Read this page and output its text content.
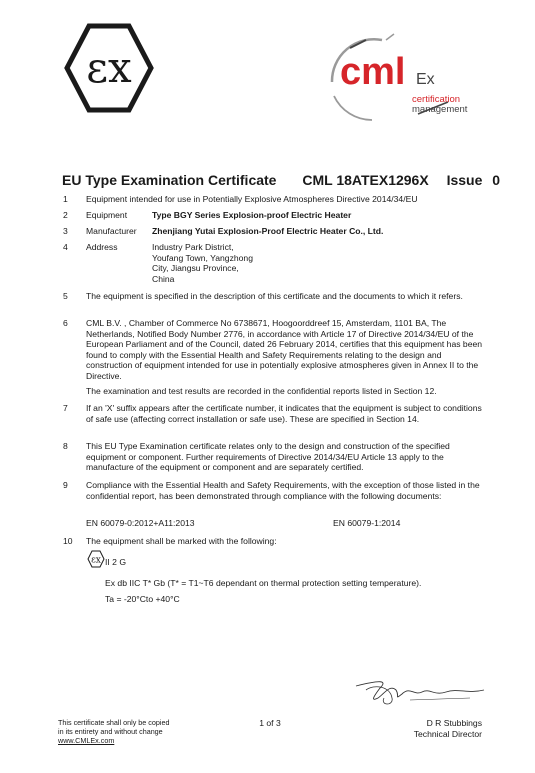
εx	cml Ex
certification
management
EU Type Examination Certificate CML 18ATEX1296X Issue 0
1	Equipment intended for use in Potentially Explosive Atmospheres Directive 2014/34/EU
2	Equipment	Type BGY Series Explosion-proof Electric Heater
3	Manufacturer	Zhenjiang Yutai Explosion-Proof Electric Heater Co., Ltd.
4	Address	Industry Park District,
Youfang Town, Yangzhong
City, Jiangsu Province,
China
5	The equipment is specified in the description of this certificate and the documents to which it refers.
6	CML B.V. , Chamber of Commerce No 6738671, Hoogoorddreef 15, Amsterdam, 1101 BA, The Netherlands, Notified Body Number 2776, in accordance with Article 17 of Directive 2014/34/EU of the European Parliament and of the Council, dated 26 February 2014, certifies that this equipment has been found to comply with the Essential Health and Safety Requirements relating to the design and construction of equipment intended for use in potentially explosive atmospheres given in Annex II to the Directive.
The examination and test results are recorded in the confidential reports listed in Section 12.
7	If an 'X' suffix appears after the certificate number, it indicates that the equipment is subject to conditions of safe use (affecting correct installation or safe use). These are specified in Section 14.
8	This EU Type Examination certificate relates only to the design and construction of the specified equipment or component. Further requirements of Directive 2014/34/EU Article 13 apply to the manufacture of the equipment or component and are separately certified.
9	Compliance with the Essential Health and Safety Requirements, with the exception of those listed in the confidential report, has been demonstrated through compliance with the following documents:
EN 60079-0:2012+A11:2013	EN 60079-1:2014
10	The equipment shall be marked with the following:
εx II 2 G
Ex db IIC T* Gb (T* = T1~T6 dependant on thermal protection setting temperature).
Ta = -20°Cto +40°C
This certificate shall only be copied
in its entirety and without change
www.CMLEx.com
1 of 3	D R Stubbings
Technical Director
